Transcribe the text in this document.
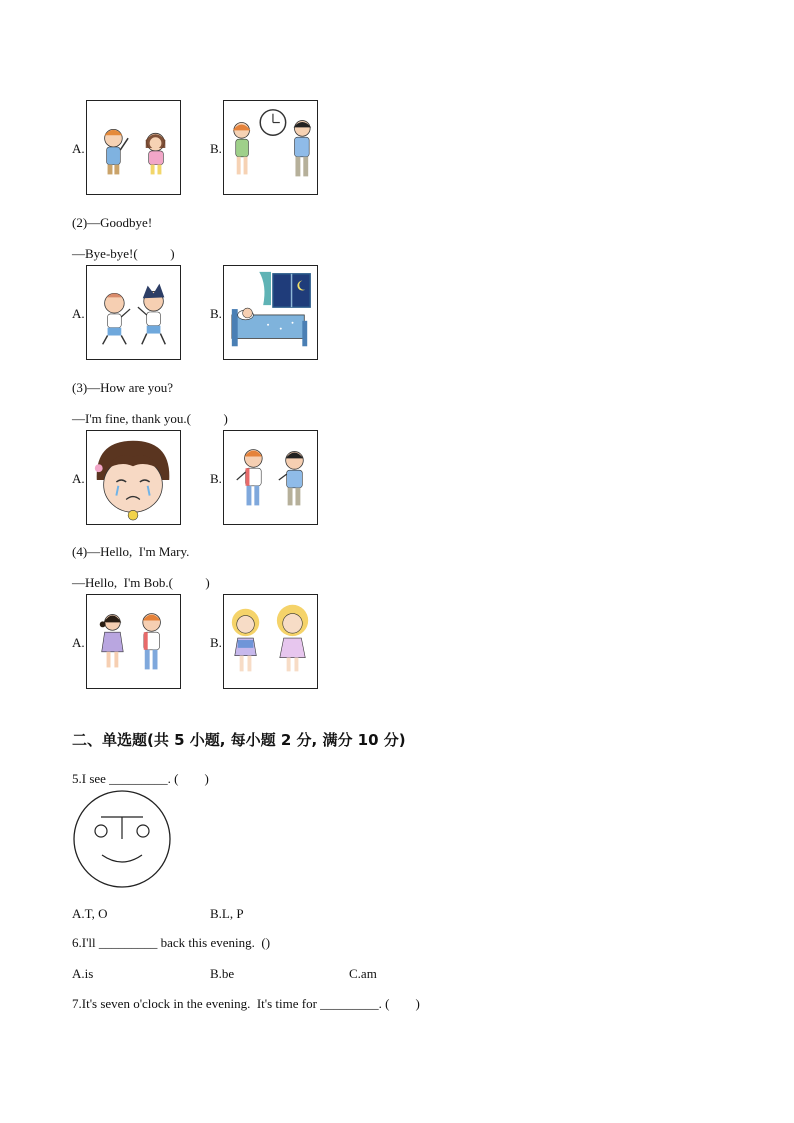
A.	B.
(2)—Goodbye!
—Bye-bye!(          )
A.	B.
(3)—How are you?
—I'm fine, thank you.(          )
A.	B.
(4)—Hello,  I'm Mary.
—Hello,  I'm Bob.(          )
A.	B.
二、单选题(共 5 小题, 每小题 2 分, 满分 10 分)
5.I see _________. (        )
A.T, O	B.L, P
6.I'll _________ back this evening.  ()
A.is	B.be	C.am
7.It's seven o'clock in the evening.  It's time for _________. (        )
